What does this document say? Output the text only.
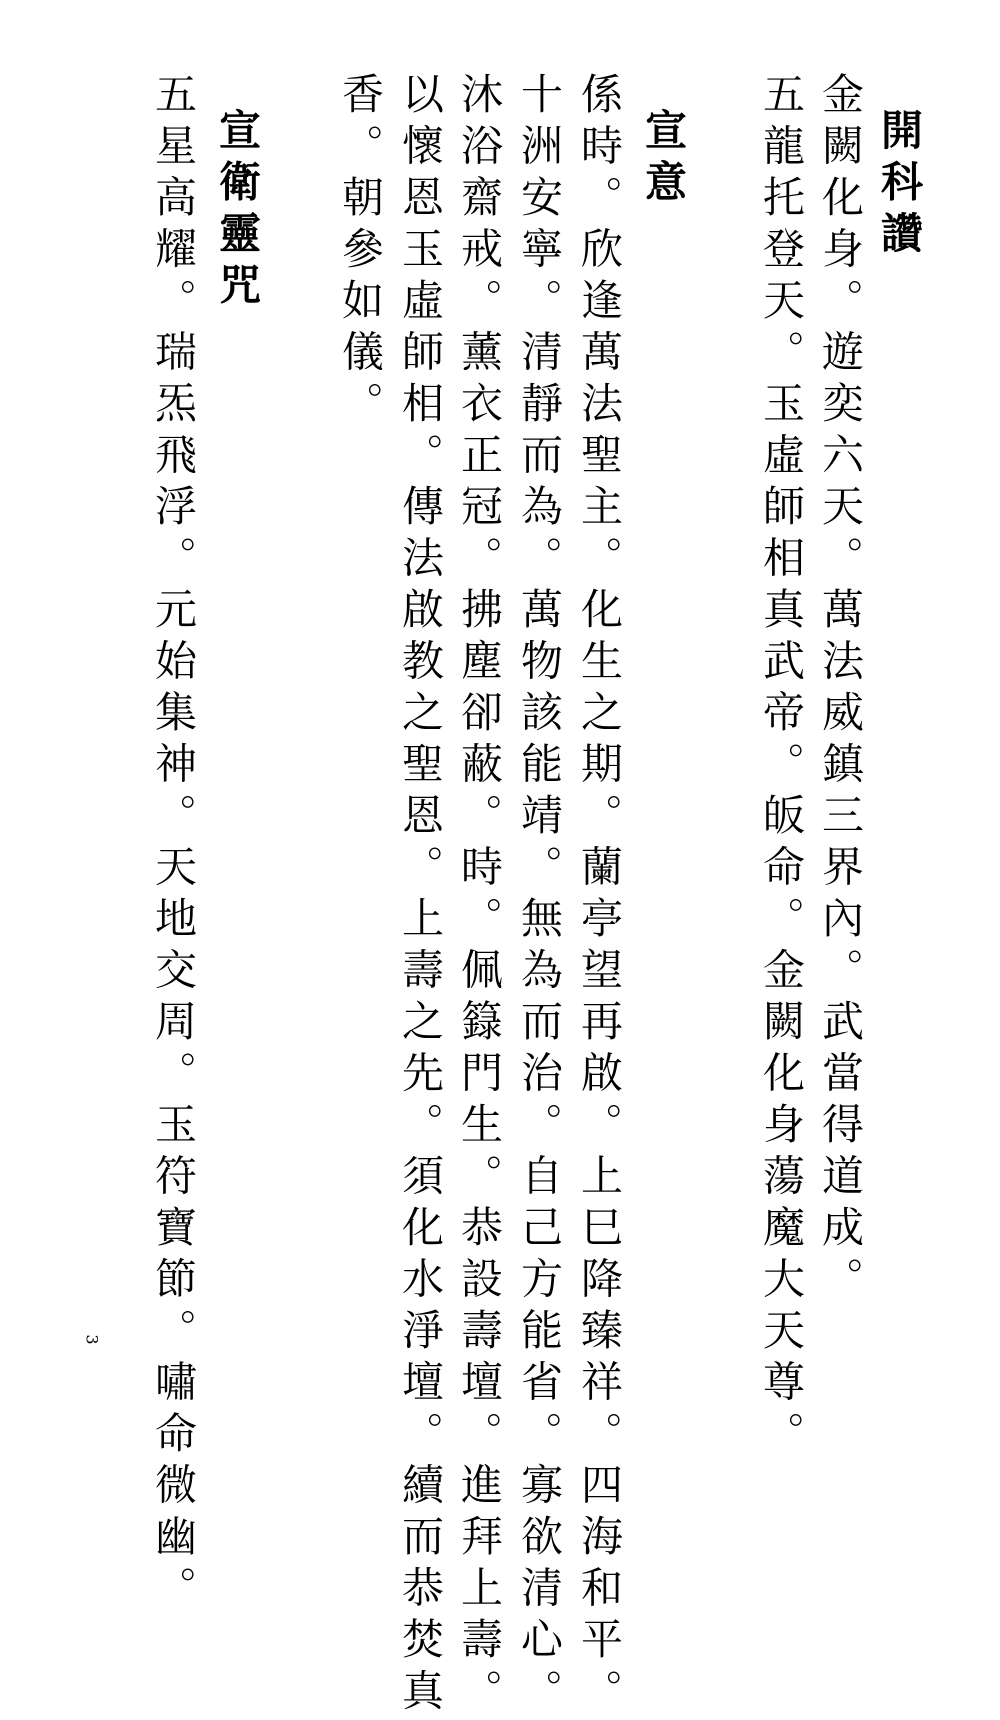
開科讚
金闕化身。遊奕六天。萬法威鎮三界內。武當得道成。
五龍托登天。玉虛師相真武帝。皈命。金闕化身蕩魔大天尊。
宣意
係時。欣逢萬法聖主。化生之期。蘭亭望再啟。上巳降臻祥。四海和平。
十洲安寧。清靜而為。萬物該能靖。無為而治。自己方能省。寡欲清心。
沐浴齋戒。薰衣正冠。拂塵卻蔽。時。佩籙門生。恭設壽壇。進拜上壽。
以懷恩玉虛師相。傳法啟教之聖恩。上壽之先。須化水淨壇。續而恭焚真
香。朝參如儀。
宣衛靈咒
五星高耀。瑞炁飛浮。元始集神。天地交周。玉符寶節。嘯命微幽。
3
